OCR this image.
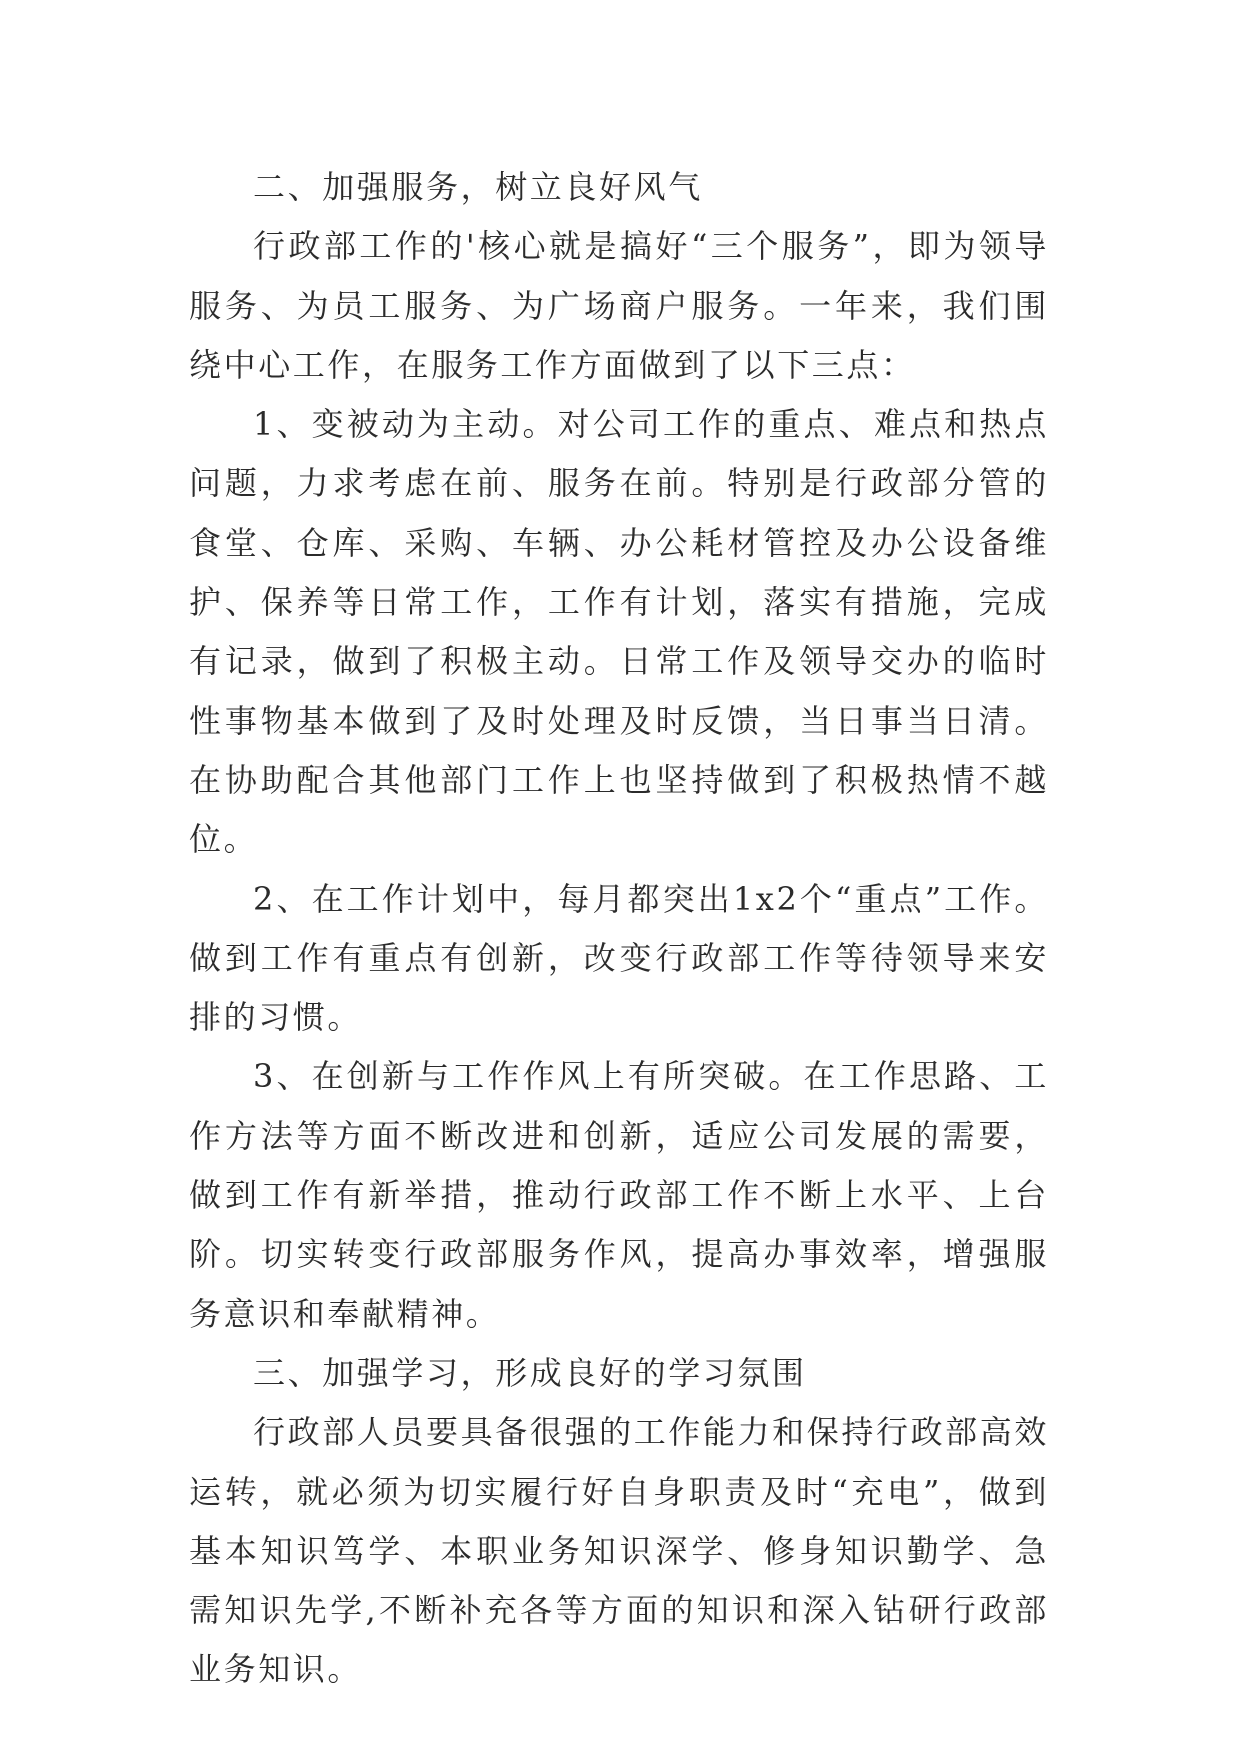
二、加强服务，树立良好风气

行政部工作的'核心就是搞好“三个服务”，即为领导服务、为员工服务、为广场商户服务。一年来，我们围绕中心工作，在服务工作方面做到了以下三点：

1、变被动为主动。对公司工作的重点、难点和热点问题，力求考虑在前、服务在前。特别是行政部分管的食堂、仓库、采购、车辆、办公耗材管控及办公设备维护、保养等日常工作，工作有计划，落实有措施，完成有记录，做到了积极主动。日常工作及领导交办的临时性事物基本做到了及时处理及时反馈，当日事当日清。在协助配合其他部门工作上也坚持做到了积极热情不越位。

2、在工作计划中，每月都突出1x2个“重点”工作。做到工作有重点有创新，改变行政部工作等待领导来安排的习惯。

3、在创新与工作作风上有所突破。在工作思路、工作方法等方面不断改进和创新，适应公司发展的需要，做到工作有新举措，推动行政部工作不断上水平、上台阶。切实转变行政部服务作风，提高办事效率，增强服务意识和奉献精神。

三、加强学习，形成良好的学习氛围

行政部人员要具备很强的工作能力和保持行政部高效运转，就必须为切实履行好自身职责及时“充电”，做到基本知识笃学、本职业务知识深学、修身知识勤学、急需知识先学,不断补充各等方面的知识和深入钻研行政部业务知识。
